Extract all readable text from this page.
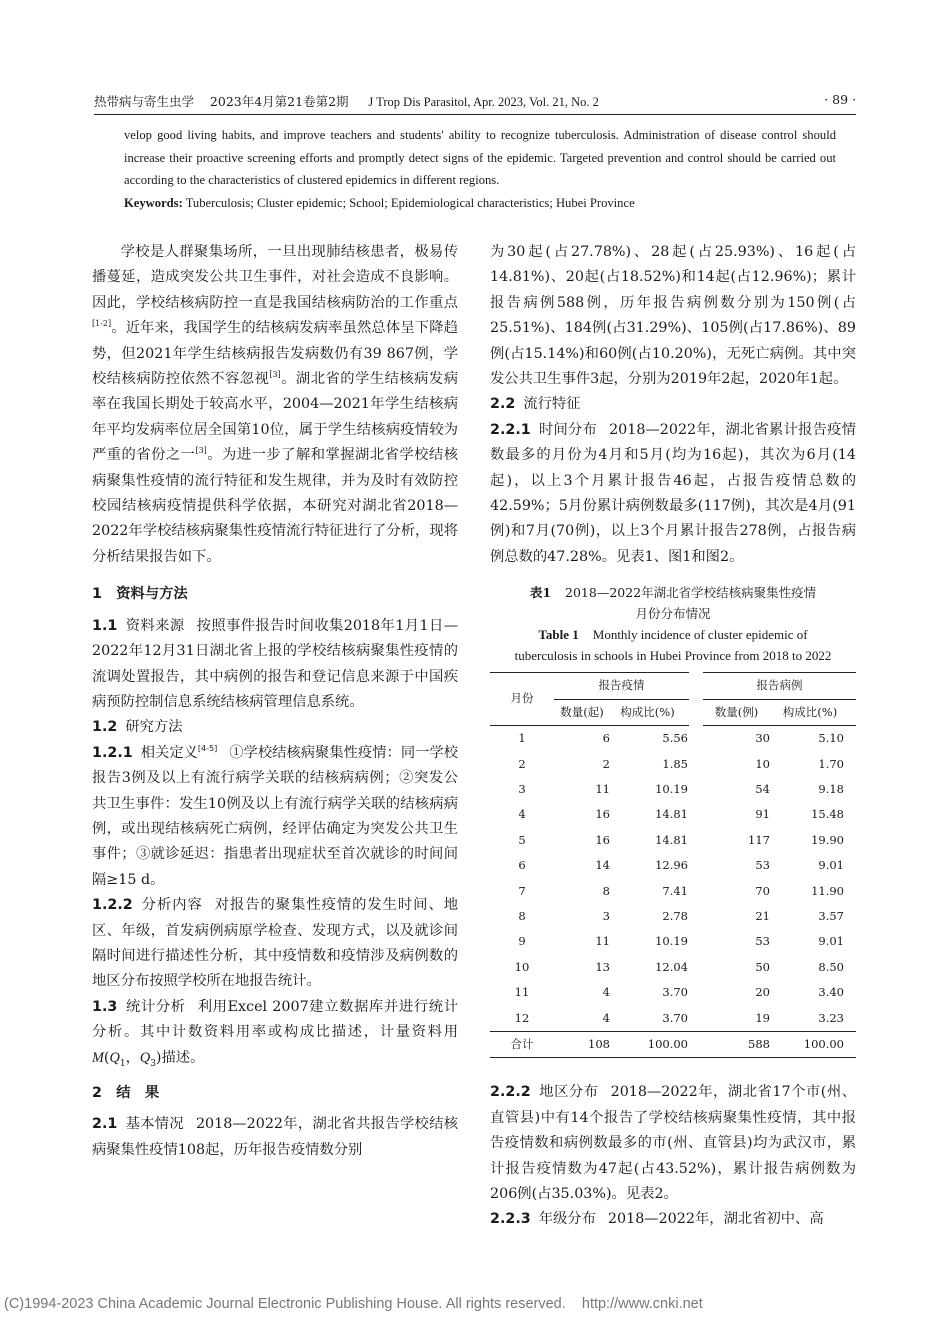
热带病与寄生虫学 2023年4月第21卷第2期 J Trop Dis Parasitol, Apr. 2023, Vol. 21, No. 2	· 89 ·

velop good living habits, and improve teachers and students' ability to recognize tuberculosis. Administration of disease control should increase their proactive screening efforts and promptly detect signs of the epidemic. Targeted prevention and control should be carried out according to the characteristics of clustered epidemics in different regions.

Keywords: Tuberculosis; Cluster epidemic; School; Epidemiological characteristics; Hubei Province

学校是人群聚集场所，一旦出现肺结核患者，极易传播蔓延，造成突发公共卫生事件，对社会造成不良影响。因此，学校结核病防控一直是我国结核病防治的工作重点[1-2]。近年来，我国学生的结核病发病率虽然总体呈下降趋势，但2021年学生结核病报告发病数仍有39 867例，学校结核病防控依然不容忽视[3]。湖北省的学生结核病发病率在我国长期处于较高水平，2004—2021年学生结核病年平均发病率位居全国第10位，属于学生结核病疫情较为严重的省份之一[3]。为进一步了解和掌握湖北省学校结核病聚集性疫情的流行特征和发生规律，并为及时有效防控校园结核病疫情提供科学依据，本研究对湖北省2018—2022年学校结核病聚集性疫情流行特征进行了分析，现将分析结果报告如下。

1　资料与方法

1.1 资料来源 按照事件报告时间收集2018年1月1日—2022年12月31日湖北省上报的学校结核病聚集性疫情的流调处置报告，其中病例的报告和登记信息来源于中国疾病预防控制信息系统结核病管理信息系统。

1.2 研究方法

1.2.1 相关定义[4-5] ①学校结核病聚集性疫情：同一学校报告3例及以上有流行病学关联的结核病病例；②突发公共卫生事件：发生10例及以上有流行病学关联的结核病病例，或出现结核病死亡病例，经评估确定为突发公共卫生事件；③就诊延迟：指患者出现症状至首次就诊的时间间隔≥15 d。

1.2.2 分析内容 对报告的聚集性疫情的发生时间、地区、年级，首发病例病原学检查、发现方式，以及就诊间隔时间进行描述性分析，其中疫情数和疫情涉及病例数的地区分布按照学校所在地报告统计。

1.3 统计分析 利用Excel 2007建立数据库并进行统计分析。其中计数资料用率或构成比描述，计量资料用$M(Q_1$，$Q_3$)描述。

2　结　果

2.1 基本情况 2018—2022年，湖北省共报告学校结核病聚集性疫情108起，历年报告疫情数分别

为30起(占27.78%)、28起(占25.93%)、16起(占14.81%)、20起(占18.52%)和14起(占12.96%)；累计报告病例588例，历年报告病例数分别为150例(占25.51%)、184例(占31.29%)、105例(占17.86%)、89例(占15.14%)和60例(占10.20%)，无死亡病例。其中突发公共卫生事件3起，分别为2019年2起，2020年1起。

2.2 流行特征

2.2.1 时间分布 2018—2022年，湖北省累计报告疫情数最多的月份为4月和5月(均为16起)，其次为6月(14起)，以上3个月累计报告46起，占报告疫情总数的42.59%；5月份累计病例数最多(117例)，其次是4月(91例)和7月(70例)，以上3个月累计报告278例，占报告病例总数的47.28%。见表1、图1和图2。

表1 2018—2022年湖北省学校结核病聚集性疫情
月份分布情况
Table 1 Monthly incidence of cluster epidemic of
tuberculosis in schools in Hubei Province from 2018 to 2022
月份	报告疫情		报告病例	
	数量(起)	构成比(%)	数量(例)	构成比(%)
1	6	5.56	30	5.10
2	2	1.85	10	1.70
3	11	10.19	54	9.18
4	16	14.81	91	15.48
5	16	14.81	117	19.90
6	14	12.96	53	9.01
7	8	7.41	70	11.90
8	3	2.78	21	3.57
9	11	10.19	53	9.01
10	13	12.04	50	8.50
11	4	3.70	20	3.40
12	4	3.70	19	3.23
合计	108	100.00	588	100.00

2.2.2 地区分布 2018—2022年，湖北省17个市(州、直管县)中有14个报告了学校结核病聚集性疫情，其中报告疫情数和病例数最多的市(州、直管县)均为武汉市，累计报告疫情数为47起(占43.52%)，累计报告病例数为206例(占35.03%)。见表2。

2.2.3 年级分布 2018—2022年，湖北省初中、高

(C)1994-2023 China Academic Journal Electronic Publishing House. All rights reserved.    http://www.cnki.net
